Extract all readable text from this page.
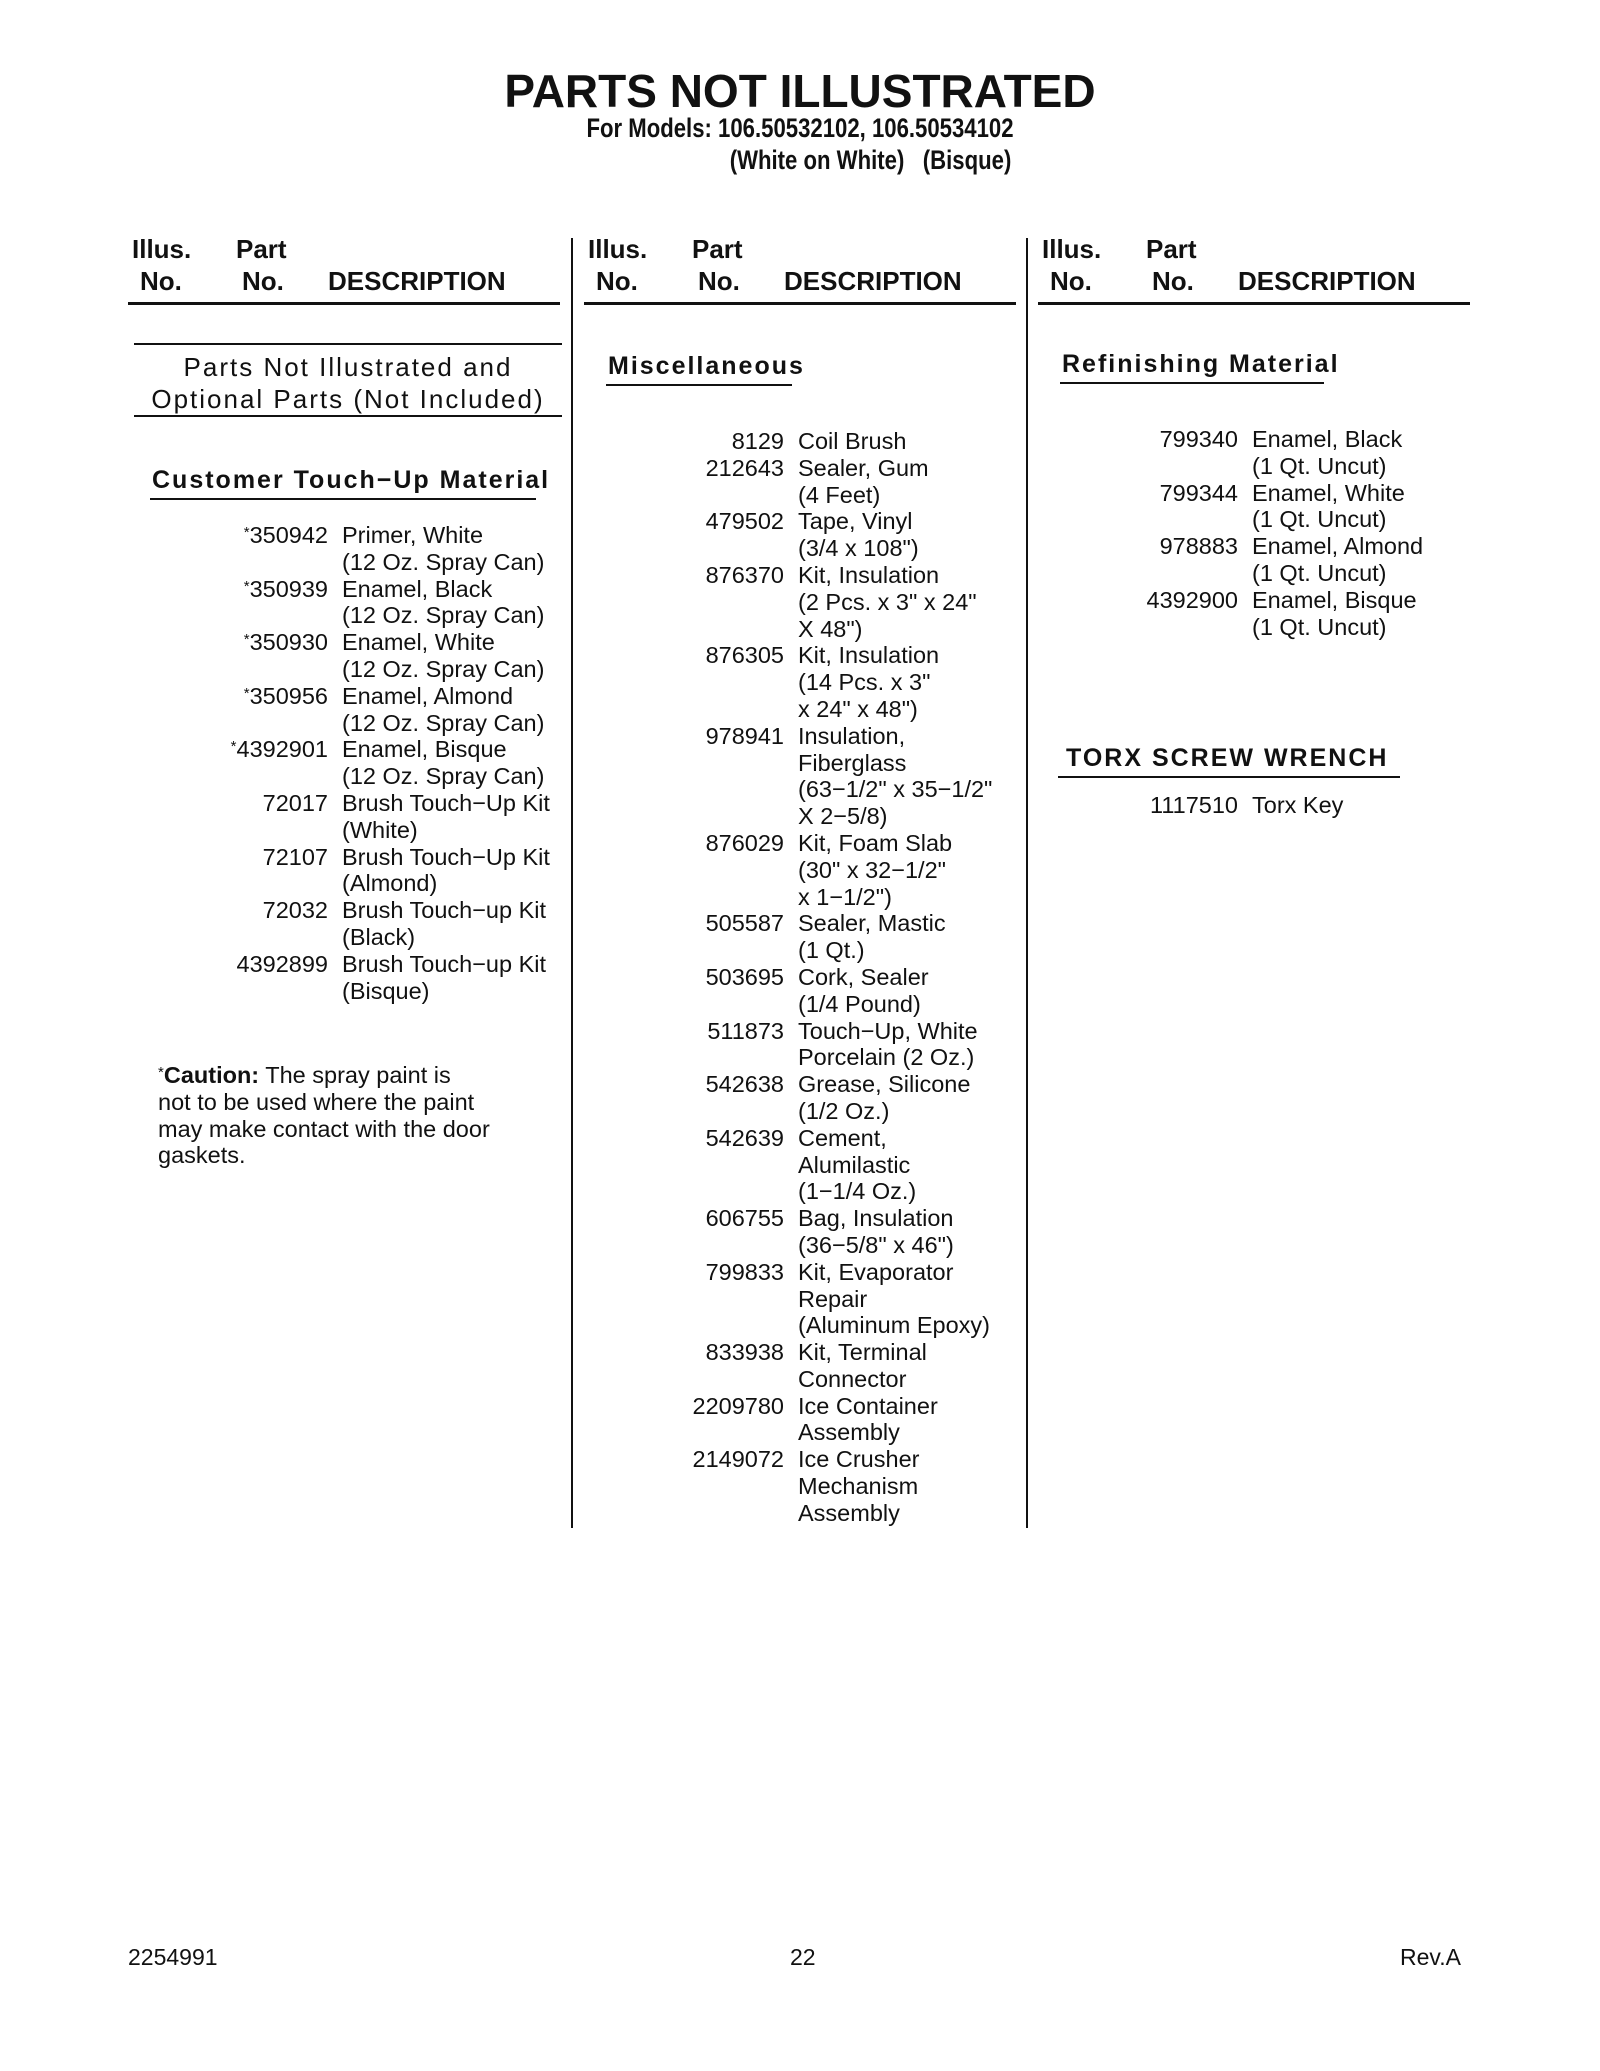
PARTS NOT ILLUSTRATED
For Models: 106.50532102, 106.50534102
(White on White)   (Bisque)
Illus.
No.
Part
No. DESCRIPTION
Parts Not Illustrated and
Optional Parts (Not Included)
Customer Touch−Up Material
*350942 Primer, White
(12 Oz. Spray Can)
*350939 Enamel, Black
(12 Oz. Spray Can)
*350930 Enamel, White
(12 Oz. Spray Can)
*350956 Enamel, Almond
(12 Oz. Spray Can)
*4392901 Enamel, Bisque
(12 Oz. Spray Can)
72017 Brush Touch−Up Kit
(White)
72107 Brush Touch−Up Kit
(Almond)
72032 Brush Touch−up Kit
(Black)
4392899 Brush Touch−up Kit
(Bisque)
*Caution: The spray paint is
not to be used where the paint
may make contact with the door
gaskets.
Illus.
No.
Part
No. DESCRIPTION
Miscellaneous
8129 Coil Brush
212643 Sealer, Gum
(4 Feet)
479502 Tape, Vinyl
(3/4 x 108")
876370 Kit, Insulation
(2 Pcs. x 3" x 24"
X 48")
876305 Kit, Insulation
(14 Pcs. x 3"
x 24" x 48")
978941 Insulation,
Fiberglass
(63−1/2" x 35−1/2"
X 2−5/8)
876029 Kit, Foam Slab
(30" x 32−1/2"
x 1−1/2")
505587 Sealer, Mastic
(1 Qt.)
503695 Cork, Sealer
(1/4 Pound)
511873 Touch−Up, White
Porcelain (2 Oz.)
542638 Grease, Silicone
(1/2 Oz.)
542639 Cement,
Alumilastic
(1−1/4 Oz.)
606755 Bag, Insulation
(36−5/8" x 46")
799833 Kit, Evaporator
Repair
(Aluminum Epoxy)
833938 Kit, Terminal
Connector
2209780 Ice Container
Assembly
2149072 Ice Crusher
Mechanism
Assembly
Illus.
No.
Part
No. DESCRIPTION
Refinishing Material
799340 Enamel, Black
(1 Qt. Uncut)
799344 Enamel, White
(1 Qt. Uncut)
978883 Enamel, Almond
(1 Qt. Uncut)
4392900 Enamel, Bisque
(1 Qt. Uncut)
TORX SCREW WRENCH
1117510 Torx Key
2254991	22	Rev.A
